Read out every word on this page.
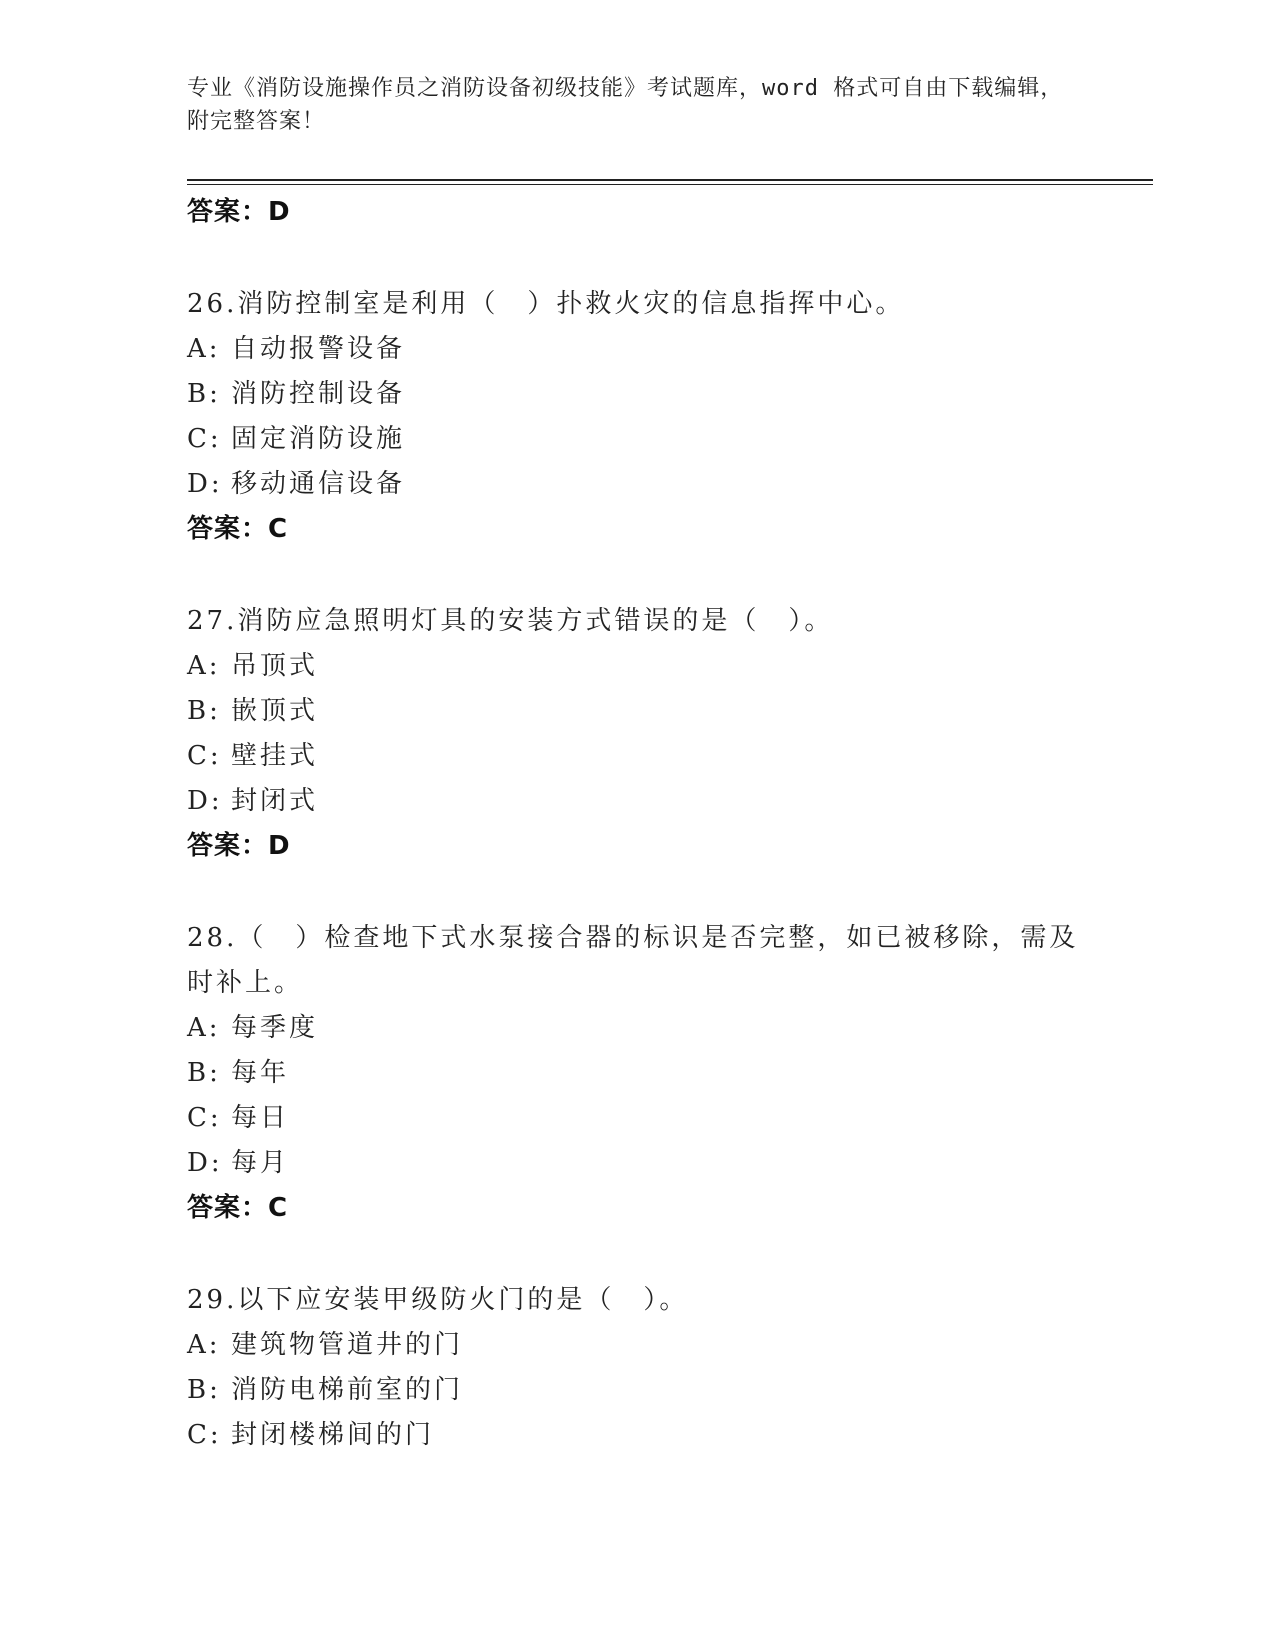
专业《消防设施操作员之消防设备初级技能》考试题库，word 格式可自由下载编辑，附完整答案！
答案：D
26.消防控制室是利用（　）扑救火灾的信息指挥中心。
A: 自动报警设备
B: 消防控制设备
C: 固定消防设施
D: 移动通信设备
答案：C
27.消防应急照明灯具的安装方式错误的是（　）。
A: 吊顶式
B: 嵌顶式
C: 壁挂式
D: 封闭式
答案：D
28.（　）检查地下式水泵接合器的标识是否完整，如已被移除，需及时补上。
A: 每季度
B: 每年
C: 每日
D: 每月
答案：C
29.以下应安装甲级防火门的是（　）。
A: 建筑物管道井的门
B: 消防电梯前室的门
C: 封闭楼梯间的门
